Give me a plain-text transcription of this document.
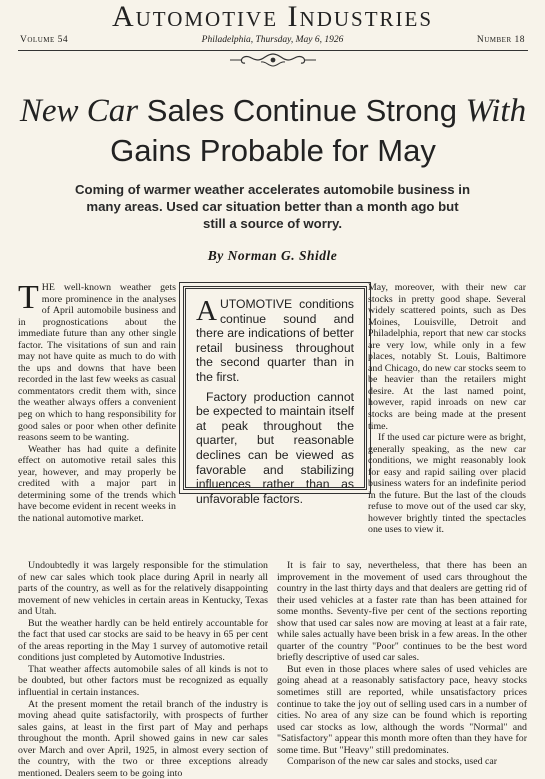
Automotive Industries
Volume 54	Philadelphia, Thursday, May 6, 1926	Number 18
New Car Sales Continue Strong With
Gains Probable for May
Coming of warmer weather accelerates automobile business in many areas. Used car situation better than a month ago but still a source of worry.
By Norman G. Shidle

THE well-known weather gets more prominence in the analyses of April automobile business and in prognostications about the immediate future than any other single factor. The visitations of sun and rain may not have quite as much to do with the ups and downs that have been recorded in the last few weeks as casual commentators credit them with, since the weather always offers a convenient peg on which to hang responsibility for good sales or poor when other definite reasons seem to be wanting.

Weather has had quite a definite effect on automotive retail sales this year, however, and may properly be credited with a major part in determining some of the trends which have become evident in recent weeks in the national automotive market.

AUTOMOTIVE conditions continue sound and there are indications of better retail business throughout the second quarter than in the first.

Factory production cannot be expected to maintain itself at peak throughout the quarter, but reasonable declines can be viewed as favorable and stabilizing influences rather than as unfavorable factors.

May, moreover, with their new car stocks in pretty good shape. Several widely scattered points, such as Des Moines, Louisville, Detroit and Philadelphia, report that new car stocks are very low, while only in a few places, notably St. Louis, Baltimore and Chicago, do new car stocks seem to be heavier than the retailers might desire. At the last named point, however, rapid inroads on new car stocks are being made at the present time.

If the used car picture were as bright, generally speaking, as the new car conditions, we might reasonably look for easy and rapid sailing over placid business waters for an indefinite period in the future. But the last of the clouds refuse to move out of the used car sky, however brightly tinted the spectacles one uses to view it.

Undoubtedly it was largely responsible for the stimulation of new car sales which took place during April in nearly all parts of the country, as well as for the relatively disappointing movement of new vehicles in certain areas in Kentucky, Texas and Utah.

But the weather hardly can be held entirely accountable for the fact that used car stocks are said to be heavy in 65 per cent of the areas reporting in the May 1 survey of automotive retail conditions just completed by Automotive Industries.

That weather affects automobile sales of all kinds is not to be doubted, but other factors must be recognized as equally influential in certain instances.

At the present moment the retail branch of the industry is moving ahead quite satisfactorily, with prospects of further sales gains, at least in the first part of May and perhaps throughout the month. April showed gains in new car sales over March and over April, 1925, in almost every section of the country, with the two or three exceptions already mentioned. Dealers seem to be going into

It is fair to say, nevertheless, that there has been an improvement in the movement of used cars throughout the country in the last thirty days and that dealers are getting rid of their used vehicles at a faster rate than has been attained for some months. Seventy-five per cent of the sections reporting show that used car sales now are moving at least at a fair rate, while sales actually have been brisk in a few areas. In the other quarter of the country "Poor" continues to be the best word briefly descriptive of used car sales.

But even in those places where sales of used vehicles are going ahead at a reasonably satisfactory pace, heavy stocks sometimes still are reported, while unsatisfactory prices continue to take the joy out of selling used cars in a number of cities. No area of any size can be found which is reporting used car stocks as low, although the words "Normal" and "Satisfactory" appear this month more often than they have for some time. But "Heavy" still predominates.

Comparison of the new car sales and stocks, used car
